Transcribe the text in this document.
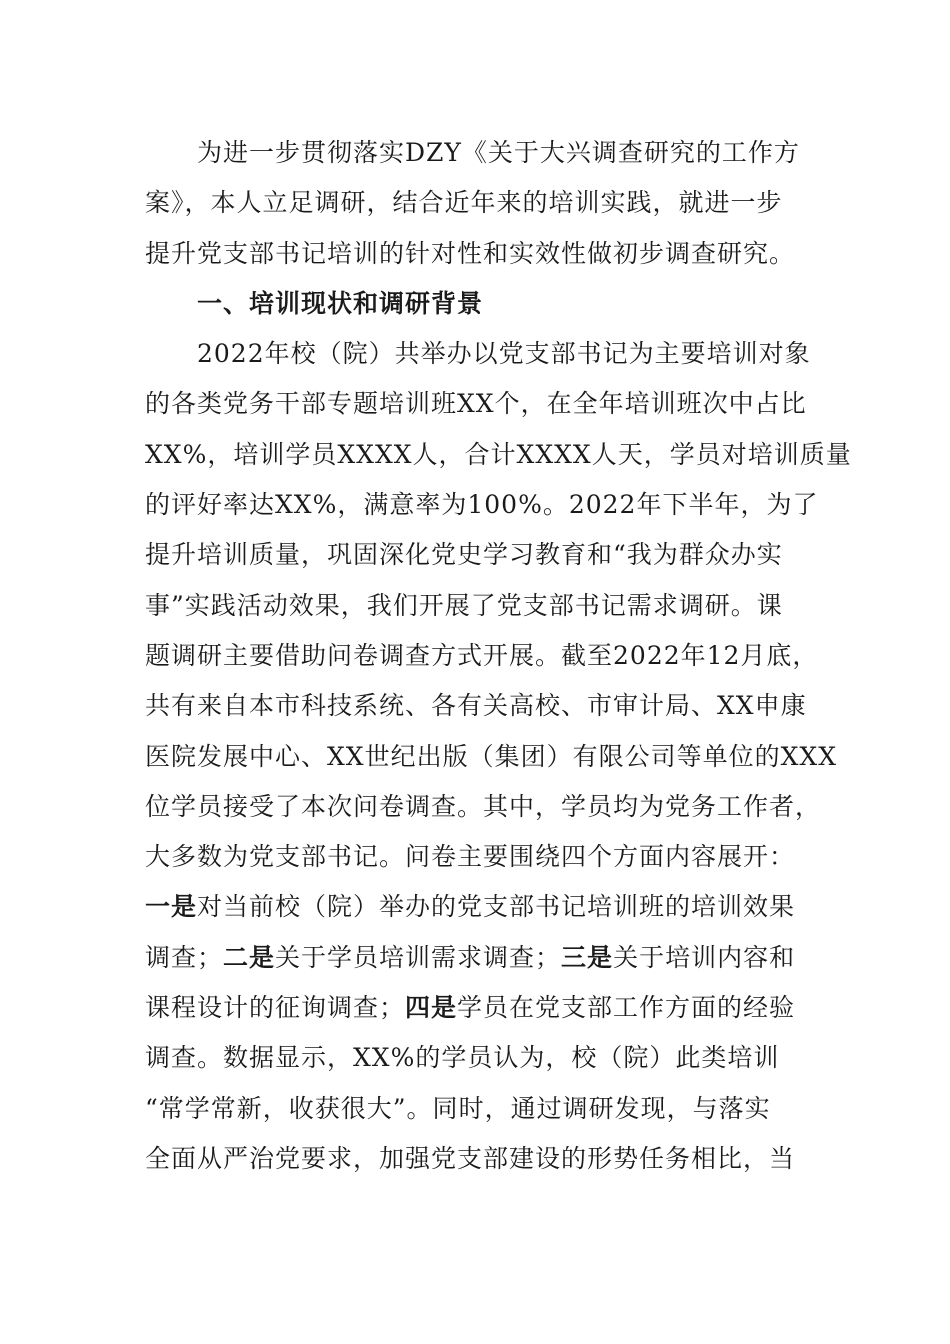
为进一步贯彻落实DZY《关于大兴调查研究的工作方
案》，本人立足调研，结合近年来的培训实践，就进一步
提升党支部书记培训的针对性和实效性做初步调查研究。
一、培训现状和调研背景
2022年校（院）共举办以党支部书记为主要培训对象
的各类党务干部专题培训班XX个，在全年培训班次中占比
XX%，培训学员XXXX人，合计XXXX人天，学员对培训质量
的评好率达XX%，满意率为100%。2022年下半年，为了
提升培训质量，巩固深化党史学习教育和“我为群众办实
事”实践活动效果，我们开展了党支部书记需求调研。课
题调研主要借助问卷调查方式开展。截至2022年12月底，
共有来自本市科技系统、各有关高校、市审计局、XX申康
医院发展中心、XX世纪出版（集团）有限公司等单位的XXX
位学员接受了本次问卷调查。其中，学员均为党务工作者，
大多数为党支部书记。问卷主要围绕四个方面内容展开：
一是对当前校（院）举办的党支部书记培训班的培训效果
调查；二是关于学员培训需求调查；三是关于培训内容和
课程设计的征询调查；四是学员在党支部工作方面的经验
调查。数据显示，XX%的学员认为，校（院）此类培训
“常学常新，收获很大”。同时，通过调研发现，与落实
全面从严治党要求，加强党支部建设的形势任务相比，当
